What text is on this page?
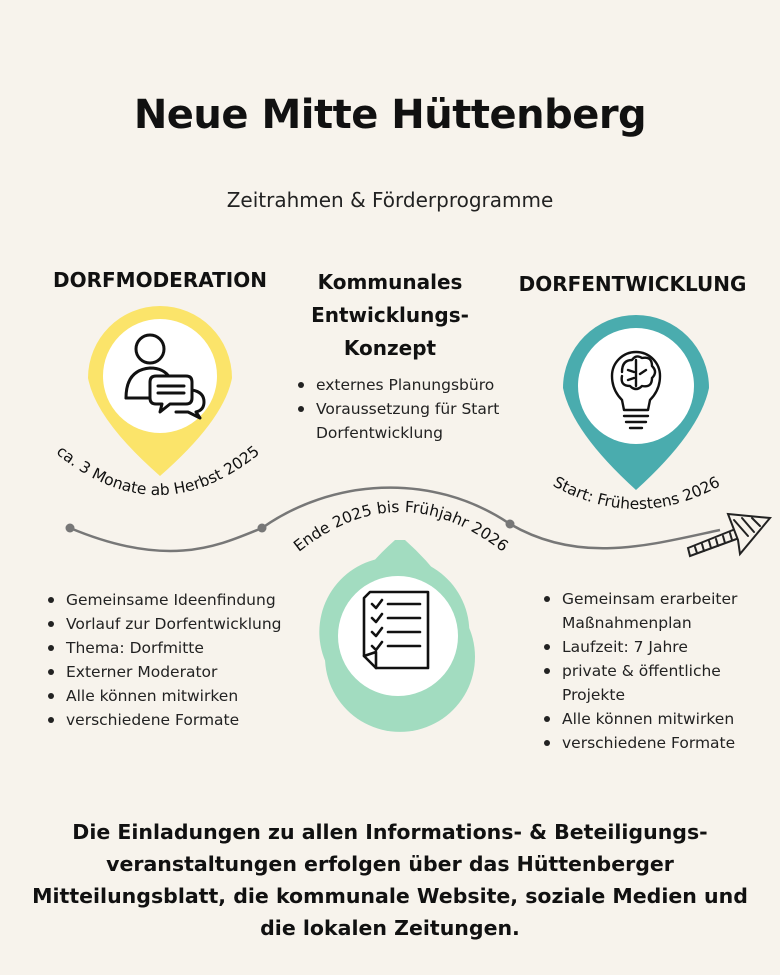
ca. 3 Monate ab Herbst 2025
Ende 2025 bis Frühjahr 2026
Start: Frühestens 2026
Neue Mitte Hüttenberg
Zeitrahmen & Förderprogramme
DORFMODERATION	DORFENTWICKLUNG
Kommunales
Entwicklungs-
Konzept
externes Planungsbüro
Voraussetzung für Start Dorfentwicklung
Gemeinsame Ideenfindung
Vorlauf zur Dorfentwicklung
Thema: Dorfmitte
Externer Moderator
Alle können mitwirken
verschiedene Formate
Gemeinsam erarbeiter Maßnahmenplan
Laufzeit: 7 Jahre
private & öffentliche Projekte
Alle können mitwirken
verschiedene Formate
Die Einladungen zu allen Informations- & Beteiligungs- veranstaltungen erfolgen über das Hüttenberger Mitteilungsblatt, die kommunale Website, soziale Medien und die lokalen Zeitungen.
